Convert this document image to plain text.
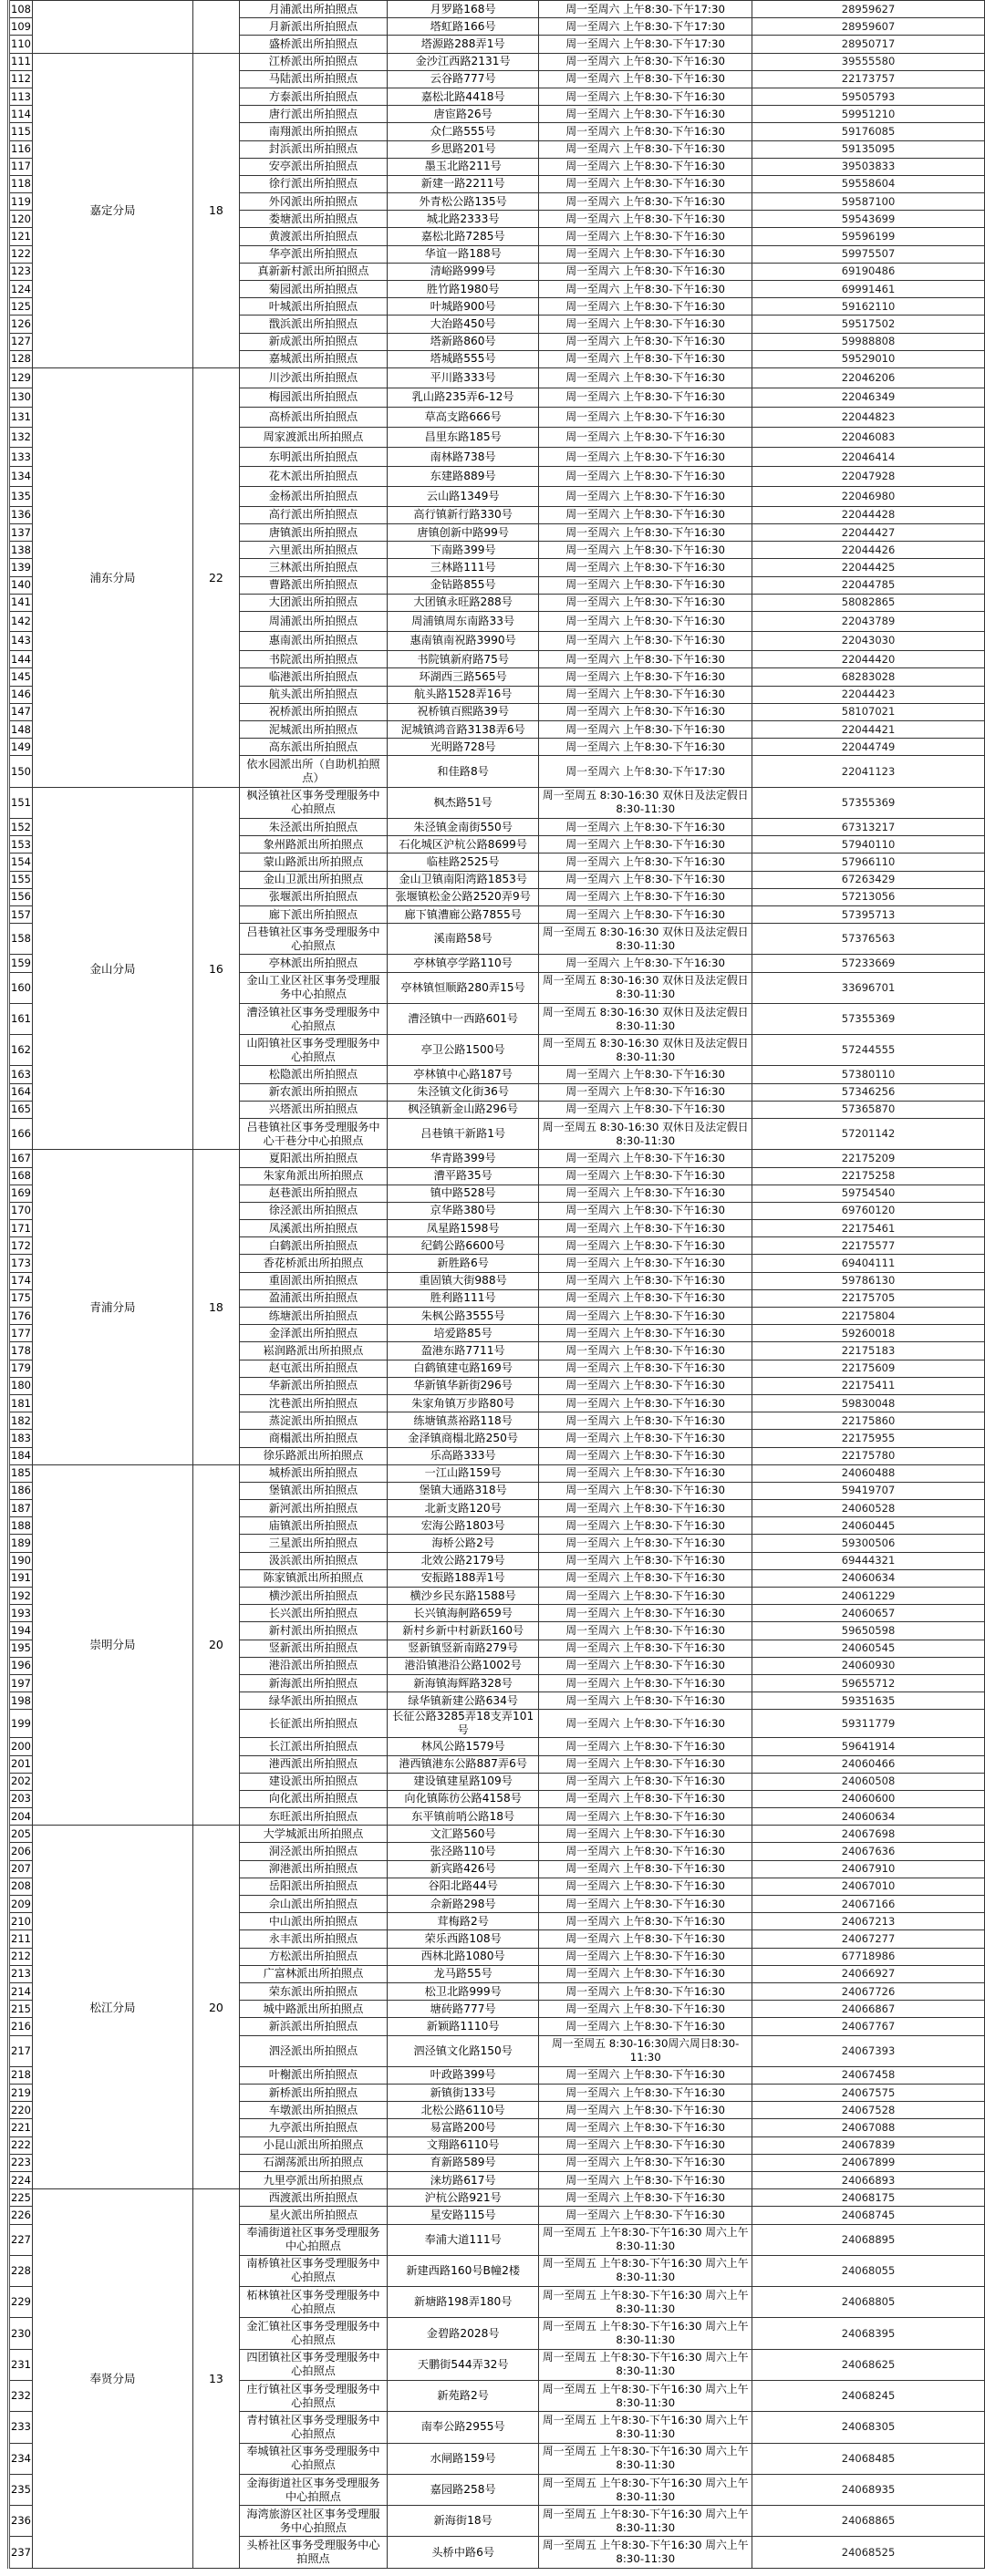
108			月浦派出所拍照点	月罗路168号	周一至周六 上午8:30-下午17:30	28959627
109			月新派出所拍照点	塔虹路166号	周一至周六 上午8:30-下午17:30	28959607
110			盛桥派出所拍照点	塔源路288弄1号	周一至周六 上午8:30-下午17:30	28950717
111	嘉定分局	18	江桥派出所拍照点	金沙江西路2131号	周一至周六 上午8:30-下午16:30	39555580
112			马陆派出所拍照点	云谷路777号	周一至周六 上午8:30-下午16:30	22173757
113			方泰派出所拍照点	嘉松北路4418号	周一至周六 上午8:30-下午16:30	59505793
114			唐行派出所拍照点	唐宦路26号	周一至周六 上午8:30-下午16:30	59951210
115			南翔派出所拍照点	众仁路555号	周一至周六 上午8:30-下午16:30	59176085
116			封浜派出所拍照点	乡思路201号	周一至周六 上午8:30-下午16:30	59135095
117			安亭派出所拍照点	墨玉北路211号	周一至周六 上午8:30-下午16:30	39503833
118			徐行派出所拍照点	新建一路2211号	周一至周六 上午8:30-下午16:30	59558604
119			外冈派出所拍照点	外青松公路135号	周一至周六 上午8:30-下午16:30	59587100
120			娄塘派出所拍照点	城北路2333号	周一至周六 上午8:30-下午16:30	59543699
121			黄渡派出所拍照点	嘉松北路7285号	周一至周六 上午8:30-下午16:30	59596199
122			华亭派出所拍照点	华谊一路188号	周一至周六 上午8:30-下午16:30	59975507
123			真新新村派出所拍照点	清峪路999号	周一至周六 上午8:30-下午16:30	69190486
124			菊园派出所拍照点	胜竹路1980号	周一至周六 上午8:30-下午16:30	69991461
125			叶城派出所拍照点	叶城路900号	周一至周六 上午8:30-下午16:30	59162110
126			戬浜派出所拍照点	大治路450号	周一至周六 上午8:30-下午16:30	59517502
127			新成派出所拍照点	塔新路860号	周一至周六 上午8:30-下午16:30	59988808
128			嘉城派出所拍照点	塔城路555号	周一至周六 上午8:30-下午16:30	59529010
129	浦东分局	22	川沙派出所拍照点	平川路333号	周一至周六 上午8:30-下午16:30	22046206
130			梅园派出所拍照点	乳山路235弄6-12号	周一至周六 上午8:30-下午16:30	22046349
131			高桥派出所拍照点	草高支路666号	周一至周六 上午8:30-下午16:30	22044823
132			周家渡派出所拍照点	昌里东路185号	周一至周六 上午8:30-下午16:30	22046083
133			东明派出所拍照点	南林路738号	周一至周六 上午8:30-下午16:30	22046414
134			花木派出所拍照点	东建路889号	周一至周六 上午8:30-下午16:30	22047928
135			金杨派出所拍照点	云山路1349号	周一至周六 上午8:30-下午16:30	22046980
136			高行派出所拍照点	高行镇新行路330号	周一至周六 上午8:30-下午16:30	22044428
137			唐镇派出所拍照点	唐镇创新中路99号	周一至周六 上午8:30-下午16:30	22044427
138			六里派出所拍照点	下南路399号	周一至周六 上午8:30-下午16:30	22044426
139			三林派出所拍照点	三林路111号	周一至周六 上午8:30-下午16:30	22044425
140			曹路派出所拍照点	金钻路855号	周一至周六 上午8:30-下午16:30	22044785
141			大团派出所拍照点	大团镇永旺路288号	周一至周六 上午8:30-下午16:30	58082865
142			周浦派出所拍照点	周浦镇周东南路33号	周一至周六 上午8:30-下午16:30	22043789
143			惠南派出所拍照点	惠南镇南祝路3990号	周一至周六 上午8:30-下午16:30	22043030
144			书院派出所拍照点	书院镇新府路75号	周一至周六 上午8:30-下午16:30	22044420
145			临港派出所拍照点	环湖西三路565号	周一至周六 上午8:30-下午16:30	68283028
146			航头派出所拍照点	航头路1528弄16号	周一至周六 上午8:30-下午16:30	22044423
147			祝桥派出所拍照点	祝桥镇百熙路39号	周一至周六 上午8:30-下午16:30	58107021
148			泥城派出所拍照点	泥城镇鸿音路3138弄6号	周一至周六 上午8:30-下午16:30	22044421
149			高东派出所拍照点	光明路728号	周一至周六 上午8:30-下午16:30	22044749
150			依水园派出所（自助机拍照点）	和佳路8号	周一至周六 上午8:30-下午17:30	22041123
151	金山分局	16	枫泾镇社区事务受理服务中心拍照点	枫杰路51号	周一至周五 8:30-16:30 双休日及法定假日8:30-11:30	57355369
152			朱泾派出所拍照点	朱泾镇金南街550号	周一至周六 上午8:30-下午16:30	67313217
153			象州路派出所拍照点	石化城区沪杭公路8699号	周一至周六 上午8:30-下午16:30	57940110
154			蒙山路派出所拍照点	临桂路2525号	周一至周六 上午8:30-下午16:30	57966110
155			金山卫派出所拍照点	金山卫镇南阳湾路1853号	周一至周六 上午8:30-下午16:30	67263429
156			张堰派出所拍照点	张堰镇松金公路2520弄9号	周一至周六 上午8:30-下午16:30	57213056
157			廊下派出所拍照点	廊下镇漕廊公路7855号	周一至周六 上午8:30-下午16:30	57395713
158			吕巷镇社区事务受理服务中心拍照点	溪南路58号	周一至周五 8:30-16:30 双休日及法定假日8:30-11:30	57376563
159			亭林派出所拍照点	亭林镇亭学路110号	周一至周六 上午8:30-下午16:30	57233669
160			金山工业区社区事务受理服务中心拍照点	亭林镇恒顺路280弄15号	周一至周五 8:30-16:30 双休日及法定假日8:30-11:30	33696701
161			漕泾镇社区事务受理服务中心拍照点	漕泾镇中一西路601号	周一至周五 8:30-16:30 双休日及法定假日8:30-11:30	57355369
162			山阳镇社区事务受理服务中心拍照点	亭卫公路1500号	周一至周五 8:30-16:30 双休日及法定假日8:30-11:30	57244555
163			松隐派出所拍照点	亭林镇中心路187号	周一至周六 上午8:30-下午16:30	57380110
164			新农派出所拍照点	朱泾镇文化街36号	周一至周六 上午8:30-下午16:30	57346256
165			兴塔派出所拍照点	枫泾镇新金山路296号	周一至周六 上午8:30-下午16:30	57365870
166			吕巷镇社区事务受理服务中心干巷分中心拍照点	吕巷镇干新路1号	周一至周五 8:30-16:30 双休日及法定假日8:30-11:30	57201142
167	青浦分局	18	夏阳派出所拍照点	华青路399号	周一至周六 上午8:30-下午16:30	22175209
168			朱家角派出所拍照点	漕平路35号	周一至周六 上午8:30-下午16:30	22175258
169			赵巷派出所拍照点	镇中路528号	周一至周六 上午8:30-下午16:30	59754540
170			徐泾派出所拍照点	京华路380号	周一至周六 上午8:30-下午16:30	69760120
171			凤溪派出所拍照点	凤星路1598号	周一至周六 上午8:30-下午16:30	22175461
172			白鹤派出所拍照点	纪鹤公路6600号	周一至周六 上午8:30-下午16:30	22175577
173			香花桥派出所拍照点	新胜路6号	周一至周六 上午8:30-下午16:30	69404111
174			重固派出所拍照点	重固镇大街988号	周一至周六 上午8:30-下午16:30	59786130
175			盈浦派出所拍照点	胜利路111号	周一至周六 上午8:30-下午16:30	22175705
176			练塘派出所拍照点	朱枫公路3555号	周一至周六 上午8:30-下午16:30	22175804
177			金泽派出所拍照点	培爱路85号	周一至周六 上午8:30-下午16:30	59260018
178			崧润路派出所拍照点	盈港东路7711号	周一至周六 上午8:30-下午16:30	22175183
179			赵屯派出所拍照点	白鹤镇建屯路169号	周一至周六 上午8:30-下午16:30	22175609
180			华新派出所拍照点	华新镇华新街296号	周一至周六 上午8:30-下午16:30	22175411
181			沈巷派出所拍照点	朱家角镇万步路80号	周一至周六 上午8:30-下午16:30	59830048
182			蒸淀派出所拍照点	练塘镇蒸裕路118号	周一至周六 上午8:30-下午16:30	22175860
183			商榻派出所拍照点	金泽镇商榻北路250号	周一至周六 上午8:30-下午16:30	22175955
184			徐乐路派出所拍照点	乐高路333号	周一至周六 上午8:30-下午16:30	22175780
185	崇明分局	20	城桥派出所拍照点	一江山路159号	周一至周六 上午8:30-下午16:30	24060488
186			堡镇派出所拍照点	堡镇大通路318号	周一至周六 上午8:30-下午16:30	59419707
187			新河派出所拍照点	北新支路120号	周一至周六 上午8:30-下午16:30	24060528
188			庙镇派出所拍照点	宏海公路1803号	周一至周六 上午8:30-下午16:30	24060445
189			三星派出所拍照点	海桥公路2号	周一至周六 上午8:30-下午16:30	59300506
190			汲浜派出所拍照点	北效公路2179号	周一至周六 上午8:30-下午16:30	69444321
191			陈家镇派出所拍照点	安振路188弄1号	周一至周六 上午8:30-下午16:30	24060634
192			横沙派出所拍照点	横沙乡民东路1588号	周一至周六 上午8:30-下午16:30	24061229
193			长兴派出所拍照点	长兴镇海舸路659号	周一至周六 上午8:30-下午16:30	24060657
194			新村派出所拍照点	新村乡新中村新跃160号	周一至周六 上午8:30-下午16:30	59650598
195			竖新派出所拍照点	竖新镇竖新南路279号	周一至周六 上午8:30-下午16:30	24060545
196			港沿派出所拍照点	港沿镇港沿公路1002号	周一至周六 上午8:30-下午16:30	24060930
197			新海派出所拍照点	新海镇海辉路328号	周一至周六 上午8:30-下午16:30	59655712
198			绿华派出所拍照点	绿华镇新建公路634号	周一至周六 上午8:30-下午16:30	59351635
199			长征派出所拍照点	长征公路3285弄18支弄101号	周一至周六 上午8:30-下午16:30	59311779
200			长江派出所拍照点	林风公路1579号	周一至周六 上午8:30-下午16:30	59641914
201			港西派出所拍照点	港西镇港东公路887弄6号	周一至周六 上午8:30-下午16:30	24060466
202			建设派出所拍照点	建设镇建星路109号	周一至周六 上午8:30-下午16:30	24060508
203			向化派出所拍照点	向化镇陈彷公路4158号	周一至周六 上午8:30-下午16:30	24060600
204			东旺派出所拍照点	东平镇前哨公路18号	周一至周六 上午8:30-下午16:30	24060634
205	松江分局	20	大学城派出所拍照点	文汇路560号	周一至周六 上午8:30-下午16:30	24067698
206			洞泾派出所拍照点	张泾路110号	周一至周六 上午8:30-下午16:30	24067636
207			泖港派出所拍照点	新宾路426号	周一至周六 上午8:30-下午16:30	24067910
208			岳阳派出所拍照点	谷阳北路44号	周一至周六 上午8:30-下午16:30	24067010
209			佘山派出所拍照点	佘新路298号	周一至周六 上午8:30-下午16:30	24067166
210			中山派出所拍照点	茸梅路2号	周一至周六 上午8:30-下午16:30	24067213
211			永丰派出所拍照点	荣乐西路108号	周一至周六 上午8:30-下午16:30	24067277
212			方松派出所拍照点	西林北路1080号	周一至周六 上午8:30-下午16:30	67718986
213			广富林派出所拍照点	龙马路55号	周一至周六 上午8:30-下午16:30	24066927
214			荣东派出所拍照点	松卫北路999号	周一至周六 上午8:30-下午16:30	24067726
215			城中路派出所拍照点	塘砖路777号	周一至周六 上午8:30-下午16:30	24066867
216			新浜派出所拍照点	新颖路1110号	周一至周六 上午8:30-下午16:30	24067767
217			泗泾派出所拍照点	泗泾镇文化路150号	周一至周五 8:30-16:30周六周日8:30-11:30	24067393
218			叶榭派出所拍照点	叶政路399号	周一至周六 上午8:30-下午16:30	24067458
219			新桥派出所拍照点	新镇街133号	周一至周六 上午8:30-下午16:30	24067575
220			车墩派出所拍照点	北松公路6110号	周一至周六 上午8:30-下午16:30	24067528
221			九亭派出所拍照点	易富路200号	周一至周六 上午8:30-下午16:30	24067088
222			小昆山派出所拍照点	文翔路6110号	周一至周六 上午8:30-下午16:30	24067839
223			石湖荡派出所拍照点	育新路589号	周一至周六 上午8:30-下午16:30	24067899
224			九里亭派出所拍照点	涞坊路617号	周一至周六 上午8:30-下午16:30	24066893
225	奉贤分局	13	西渡派出所拍照点	沪杭公路921号	周一至周六 上午8:30-下午16:30	24068175
226			星火派出所拍照点	星安路115号	周一至周六 上午8:30-下午16:30	24068745
227			奉浦街道社区事务受理服务中心拍照点	奉浦大道111号	周一至周五 上午8:30-下午16:30 周六上午8:30-11:30	24068895
228			南桥镇社区事务受理服务中心拍照点	新建西路160号B幢2楼	周一至周五 上午8:30-下午16:30 周六上午8:30-11:30	24068055
229			柘林镇社区事务受理服务中心拍照点	新塘路198弄180号	周一至周五 上午8:30-下午16:30 周六上午8:30-11:30	24068805
230			金汇镇社区事务受理服务中心拍照点	金碧路2028号	周一至周五 上午8:30-下午16:30 周六上午8:30-11:30	24068395
231			四团镇社区事务受理服务中心拍照点	天鹏街544弄32号	周一至周五 上午8:30-下午16:30 周六上午8:30-11:30	24068625
232			庄行镇社区事务受理服务中心拍照点	新苑路2号	周一至周五 上午8:30-下午16:30 周六上午8:30-11:30	24068245
233			青村镇社区事务受理服务中心拍照点	南奉公路2955号	周一至周五 上午8:30-下午16:30 周六上午8:30-11:30	24068305
234			奉城镇社区事务受理服务中心拍照点	水闸路159号	周一至周五 上午8:30-下午16:30 周六上午8:30-11:30	24068485
235			金海街道社区事务受理服务中心拍照点	嘉园路258号	周一至周五 上午8:30-下午16:30 周六上午8:30-11:30	24068935
236			海湾旅游区社区事务受理服务中心拍照点	新海街18号	周一至周五 上午8:30-下午16:30 周六上午8:30-11:30	24068865
237			头桥社区事务受理服务中心拍照点	头桥中路6号	周一至周五 上午8:30-下午16:30 周六上午8:30-11:30	24068525
